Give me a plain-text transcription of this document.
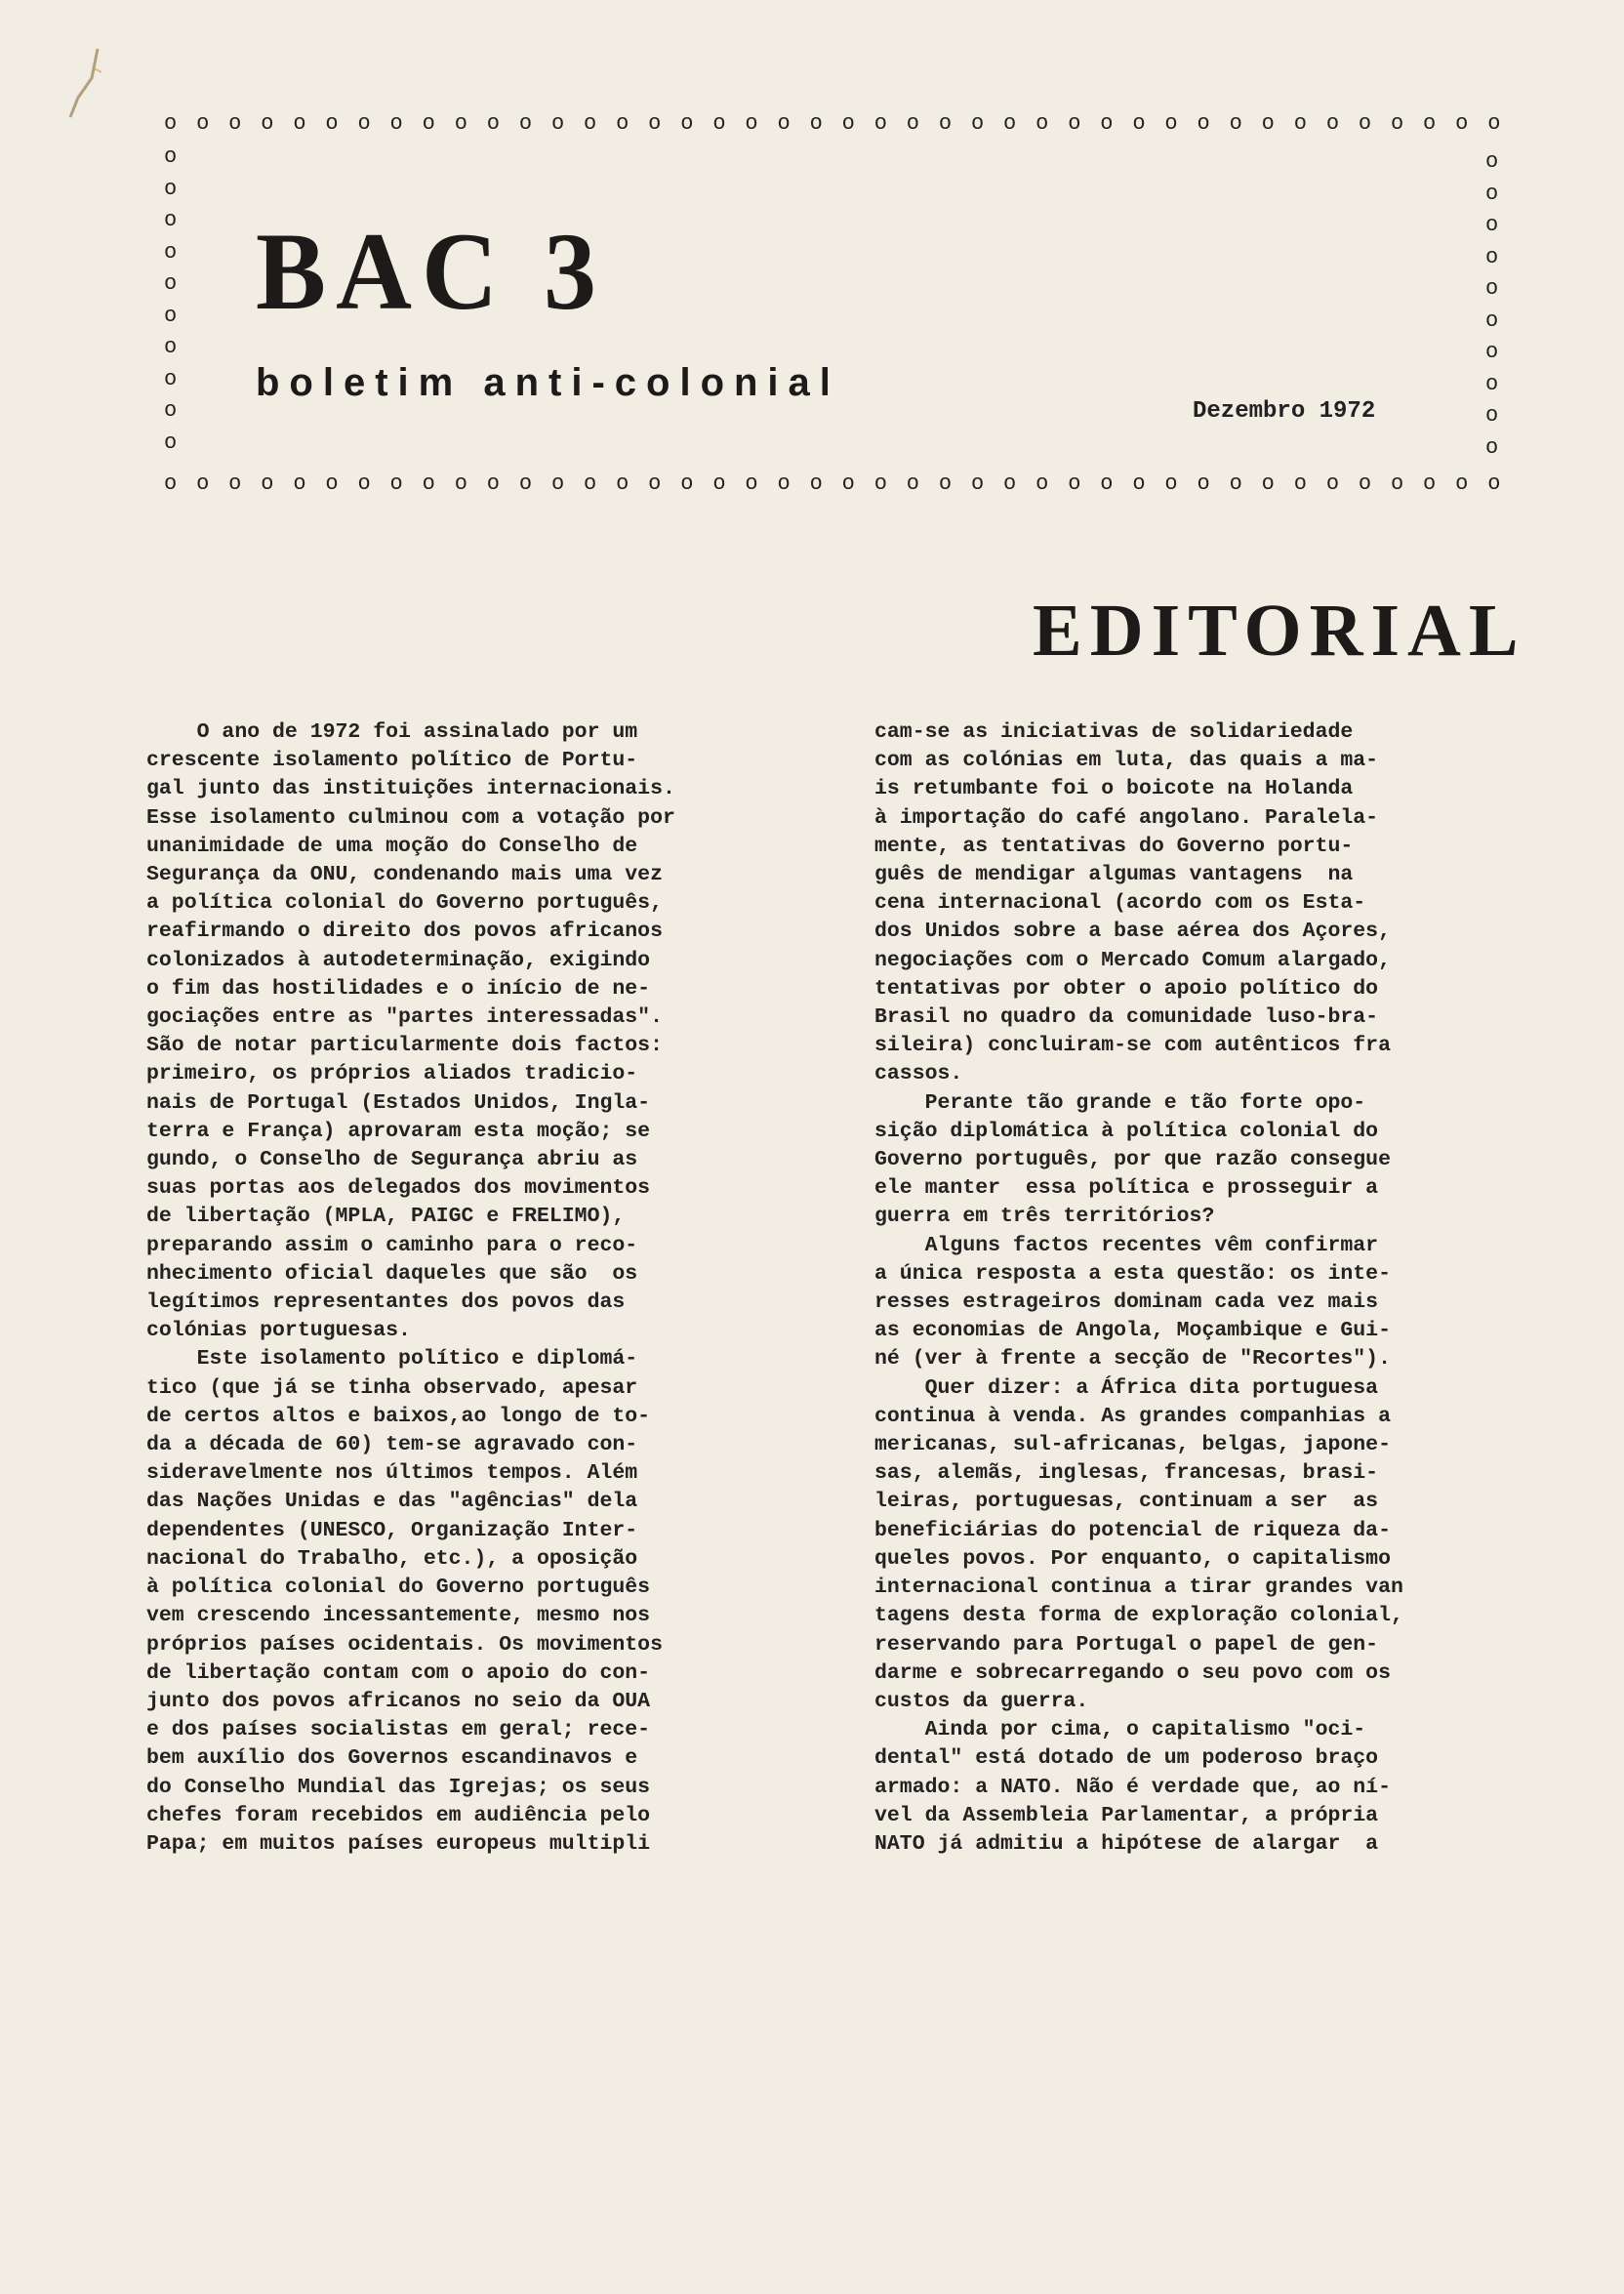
o o o o o o o o o o o o o o o o o o o o o o o o o o o o o o o o o o o o o o o o o o
o o o o o o o o o o o o o o o o o o o o o o o o o o o o o o o o o o o o o o o o o o
o
o
o
o
o
o
o
o
o
o
o
o
o
o
o
o
o
o
o
o
BAC 3
boletim anti-colonial
Dezembro 1972
EDITORIAL
O ano de 1972 foi assinalado por um
crescente isolamento político de Portu-
gal junto das instituições internacionais.
Esse isolamento culminou com a votação por
unanimidade de uma moção do Conselho de
Segurança da ONU, condenando mais uma vez
a política colonial do Governo português,
reafirmando o direito dos povos africanos
colonizados à autodeterminação, exigindo
o fim das hostilidades e o início de ne-
gociações entre as "partes interessadas".
São de notar particularmente dois factos:
primeiro, os próprios aliados tradicio-
nais de Portugal (Estados Unidos, Ingla-
terra e França) aprovaram esta moção; se
gundo, o Conselho de Segurança abriu as
suas portas aos delegados dos movimentos
de libertação (MPLA, PAIGC e FRELIMO),
preparando assim o caminho para o reco-
nhecimento oficial daqueles que são  os
legítimos representantes dos povos das
colónias portuguesas.
Este isolamento político e diplomá-
tico (que já se tinha observado, apesar
de certos altos e baixos,ao longo de to-
da a década de 60) tem-se agravado con-
sideravelmente nos últimos tempos. Além
das Nações Unidas e das "agências" dela
dependentes (UNESCO, Organização Inter-
nacional do Trabalho, etc.), a oposição
à política colonial do Governo português
vem crescendo incessantemente, mesmo nos
próprios países ocidentais. Os movimentos
de libertação contam com o apoio do con-
junto dos povos africanos no seio da OUA
e dos países socialistas em geral; rece-
bem auxílio dos Governos escandinavos e
do Conselho Mundial das Igrejas; os seus
chefes foram recebidos em audiência pelo
Papa; em muitos países europeus multipli
cam-se as iniciativas de solidariedade
com as colónias em luta, das quais a ma-
is retumbante foi o boicote na Holanda
à importação do café angolano. Paralela-
mente, as tentativas do Governo portu-
guês de mendigar algumas vantagens  na
cena internacional (acordo com os Esta-
dos Unidos sobre a base aérea dos Açores,
negociações com o Mercado Comum alargado,
tentativas por obter o apoio político do
Brasil no quadro da comunidade luso-bra-
sileira) concluiram-se com autênticos fra
cassos.
Perante tão grande e tão forte opo-
sição diplomática à política colonial do
Governo português, por que razão consegue
ele manter  essa política e prosseguir a
guerra em três territórios?
Alguns factos recentes vêm confirmar
a única resposta a esta questão: os inte-
resses estrageiros dominam cada vez mais
as economias de Angola, Moçambique e Gui-
né (ver à frente a secção de "Recortes").
Quer dizer: a África dita portuguesa
continua à venda. As grandes companhias a
mericanas, sul-africanas, belgas, japone-
sas, alemãs, inglesas, francesas, brasi-
leiras, portuguesas, continuam a ser  as
beneficiárias do potencial de riqueza da-
queles povos. Por enquanto, o capitalismo
internacional continua a tirar grandes van
tagens desta forma de exploração colonial,
reservando para Portugal o papel de gen-
darme e sobrecarregando o seu povo com os
custos da guerra.
Ainda por cima, o capitalismo "oci-
dental" está dotado de um poderoso braço
armado: a NATO. Não é verdade que, ao ní-
vel da Assembleia Parlamentar, a própria
NATO já admitiu a hipótese de alargar  a
